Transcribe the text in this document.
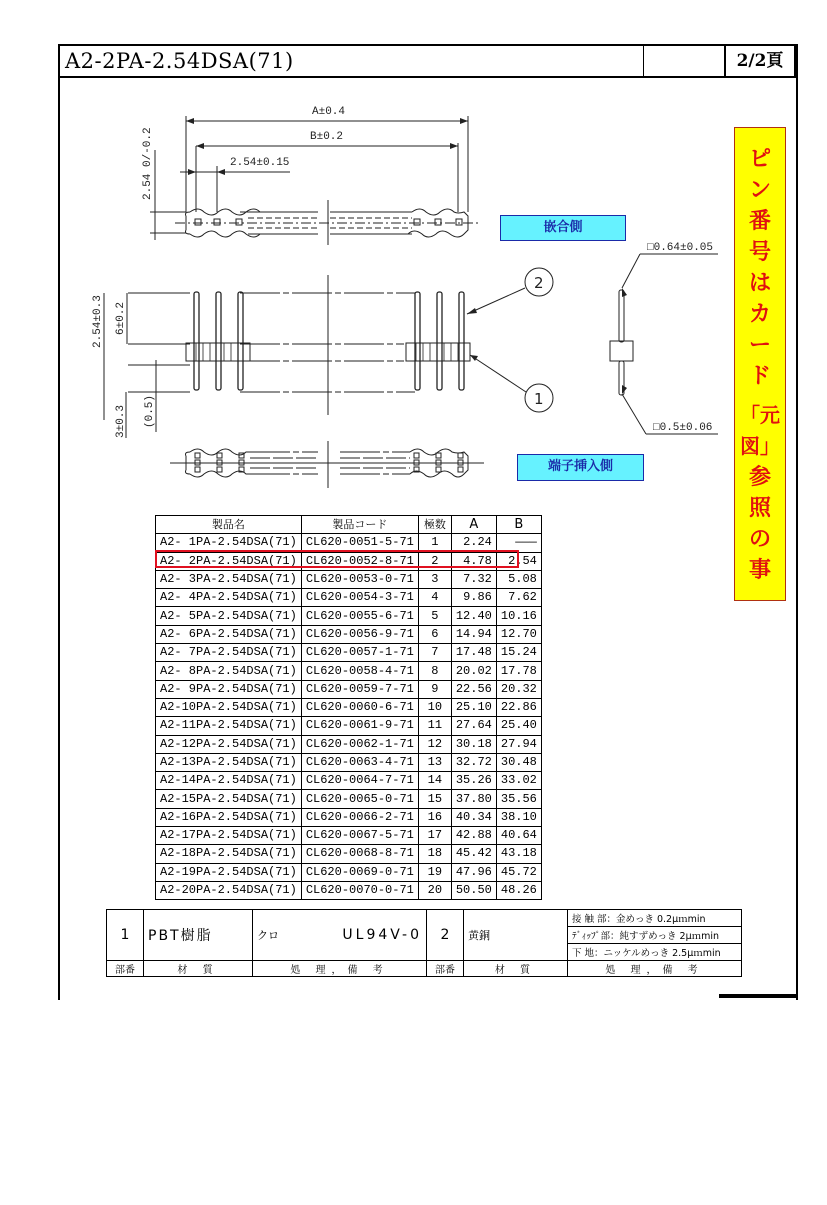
A2-2PA-2.54DSA(71)	2/2頁
A±0.4
B±0.2
2.54±0.15
2.54 0/-0.2
2.54±0.3 6±0.2
3±0.3 (0.5)
□0.64±0.05
□0.5±0.06
2
1
嵌合側
端子挿入側
ピ
ン
番
号
は
カ
ー
ド
「元
図」
参
照
の
事
製品名	製品コード	極数	A	B
A2- 1PA-2.54DSA(71)	CL620-0051-5-71	1	2.24	―――
A2- 2PA-2.54DSA(71)	CL620-0052-8-71	2	4.78	2.54
A2- 3PA-2.54DSA(71)	CL620-0053-0-71	3	7.32	5.08
A2- 4PA-2.54DSA(71)	CL620-0054-3-71	4	9.86	7.62
A2- 5PA-2.54DSA(71)	CL620-0055-6-71	5	12.40	10.16
A2- 6PA-2.54DSA(71)	CL620-0056-9-71	6	14.94	12.70
A2- 7PA-2.54DSA(71)	CL620-0057-1-71	7	17.48	15.24
A2- 8PA-2.54DSA(71)	CL620-0058-4-71	8	20.02	17.78
A2- 9PA-2.54DSA(71)	CL620-0059-7-71	9	22.56	20.32
A2-10PA-2.54DSA(71)	CL620-0060-6-71	10	25.10	22.86
A2-11PA-2.54DSA(71)	CL620-0061-9-71	11	27.64	25.40
A2-12PA-2.54DSA(71)	CL620-0062-1-71	12	30.18	27.94
A2-13PA-2.54DSA(71)	CL620-0063-4-71	13	32.72	30.48
A2-14PA-2.54DSA(71)	CL620-0064-7-71	14	35.26	33.02
A2-15PA-2.54DSA(71)	CL620-0065-0-71	15	37.80	35.56
A2-16PA-2.54DSA(71)	CL620-0066-2-71	16	40.34	38.10
A2-17PA-2.54DSA(71)	CL620-0067-5-71	17	42.88	40.64
A2-18PA-2.54DSA(71)	CL620-0068-8-71	18	45.42	43.18
A2-19PA-2.54DSA(71)	CL620-0069-0-71	19	47.96	45.72
A2-20PA-2.54DSA(71)	CL620-0070-0-71	20	50.50	48.26
1	PBT樹脂	クロ UL94V-0	2	黄銅	接 触 部：金めっき 0.2μｍmin
					ﾃﾞｨｯﾌﾟ部：純すずめっき 2μｍmin
					下 地：ニッケルめっき 2.5μｍmin
部番	材 質	処 理，備 考	部番	材 質	処 理，備 考
